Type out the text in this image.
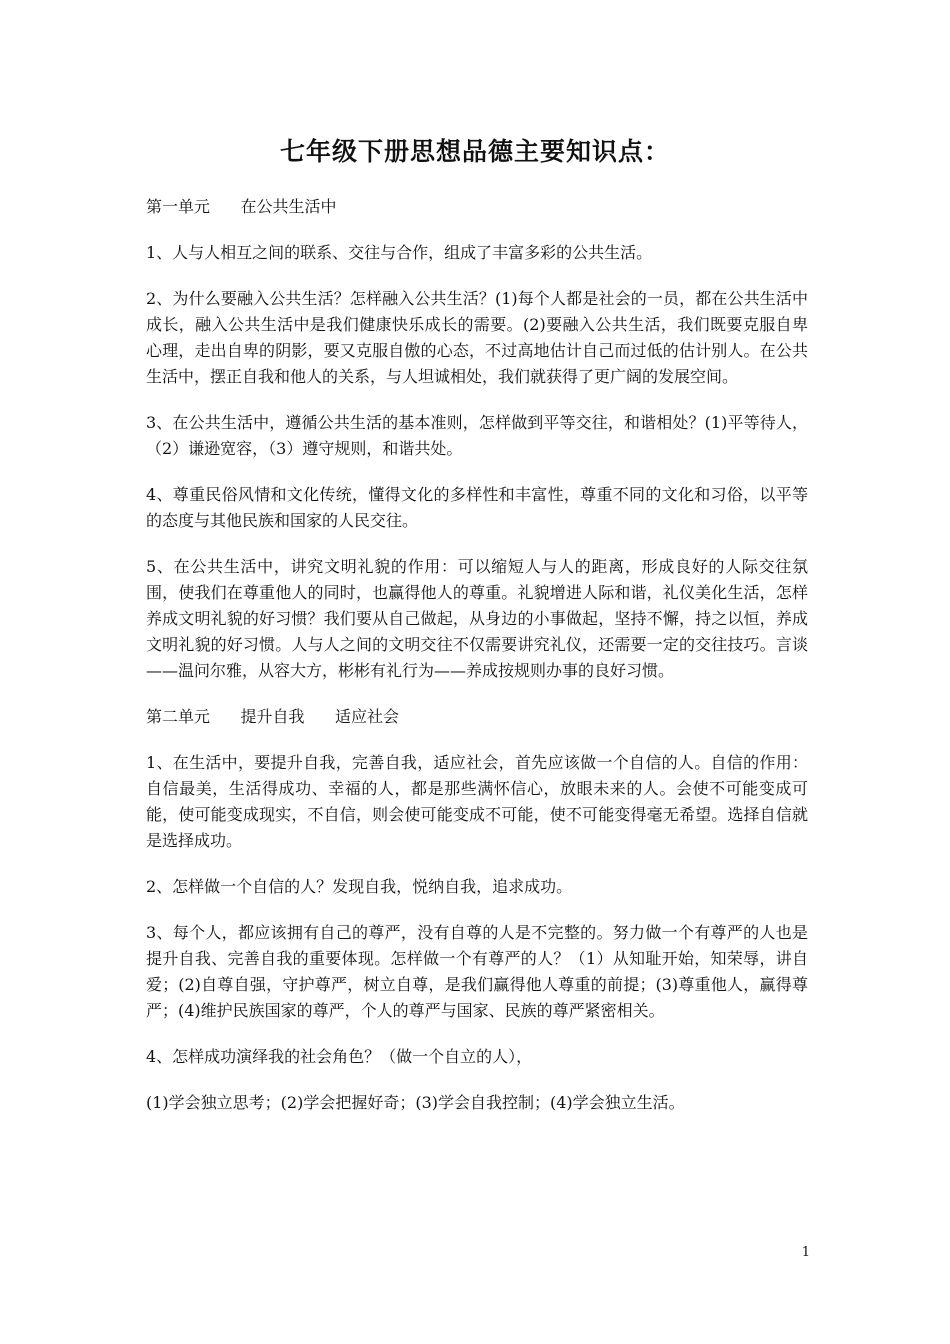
七年级下册思想品德主要知识点：

第一单元      在公共生活中

1、人与人相互之间的联系、交往与合作，组成了丰富多彩的公共生活。

2、为什么要融入公共生活？怎样融入公共生活？(1)每个人都是社会的一员，都在公共生活中成长，融入公共生活中是我们健康快乐成长的需要。(2)要融入公共生活，我们既要克服自卑心理，走出自卑的阴影，要又克服自傲的心态，不过高地估计自己而过低的估计别人。在公共生活中，摆正自我和他人的关系，与人坦诚相处，我们就获得了更广阔的发展空间。

3、在公共生活中，遵循公共生活的基本准则，怎样做到平等交往，和谐相处？(1)平等待人，（2）谦逊宽容，（3）遵守规则，和谐共处。

4、尊重民俗风情和文化传统，懂得文化的多样性和丰富性，尊重不同的文化和习俗，以平等的态度与其他民族和国家的人民交往。

5、在公共生活中，讲究文明礼貌的作用：可以缩短人与人的距离，形成良好的人际交往氛围，使我们在尊重他人的同时，也赢得他人的尊重。礼貌增进人际和谐，礼仪美化生活，怎样养成文明礼貌的好习惯？我们要从自己做起，从身边的小事做起，坚持不懈，持之以恒，养成文明礼貌的好习惯。人与人之间的文明交往不仅需要讲究礼仪，还需要一定的交往技巧。言谈——温问尔雅，从容大方，彬彬有礼行为——养成按规则办事的良好习惯。

第二单元      提升自我      适应社会

1、在生活中，要提升自我，完善自我，适应社会，首先应该做一个自信的人。自信的作用：自信最美，生活得成功、幸福的人，都是那些满怀信心，放眼未来的人。会使不可能变成可能，使可能变成现实，不自信，则会使可能变成不可能，使不可能变得毫无希望。选择自信就是选择成功。

2、怎样做一个自信的人？发现自我，悦纳自我，追求成功。

3、每个人，都应该拥有自己的尊严，没有自尊的人是不完整的。努力做一个有尊严的人也是提升自我、完善自我的重要体现。怎样做一个有尊严的人？（1）从知耻开始，知荣辱，讲自爱；(2)自尊自强，守护尊严，树立自尊，是我们赢得他人尊重的前提；(3)尊重他人，赢得尊严；(4)维护民族国家的尊严，个人的尊严与国家、民族的尊严紧密相关。

4、怎样成功演绎我的社会角色？（做一个自立的人），

(1)学会独立思考；(2)学会把握好奇；(3)学会自我控制；(4)学会独立生活。

1
